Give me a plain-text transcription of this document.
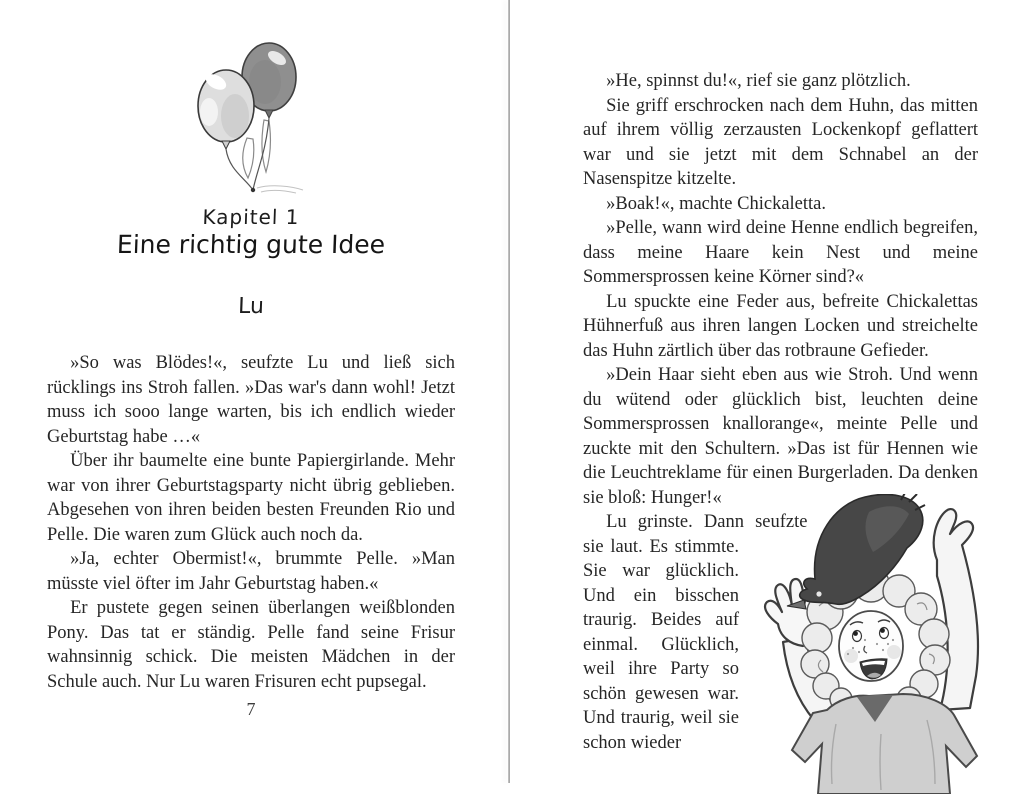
Kapitel 1
Eine richtig gute Idee
Lu

»So was Blödes!«, seufzte Lu und ließ sich rücklings ins Stroh fallen. »Das war's dann wohl! Jetzt muss ich sooo lange warten, bis ich endlich wieder Geburtstag habe …«

Über ihr baumelte eine bunte Papiergirlande. Mehr war von ihrer Geburtstagsparty nicht übrig geblieben. Abgesehen von ihren beiden besten Freunden Rio und Pelle. Die waren zum Glück auch noch da.

»Ja, echter Obermist!«, brummte Pelle. »Man müsste viel öfter im Jahr Geburtstag haben.«

Er pustete gegen seinen überlangen weißblonden Pony. Das tat er ständig. Pelle fand seine Frisur wahnsinnig schick. Die meisten Mädchen in der Schule auch. Nur Lu waren Frisuren echt pupsegal.

7

»He, spinnst du!«, rief sie ganz plötzlich.

Sie griff erschrocken nach dem Huhn, das mitten auf ihrem völlig zerzausten Lockenkopf geflattert war und sie jetzt mit dem Schnabel an der Nasenspitze kitzelte.

»Boak!«, machte Chickaletta.

»Pelle, wann wird deine Henne endlich begreifen, dass meine Haare kein Nest und meine Sommersprossen keine Körner sind?«

Lu spuckte eine Feder aus, befreite Chickalettas Hühnerfuß aus ihren langen Locken und streichelte das Huhn zärtlich über das rotbraune Gefieder.

»Dein Haar sieht eben aus wie Stroh. Und wenn du wütend oder glücklich bist, leuchten deine Sommersprossen knallorange«, meinte Pelle und zuckte mit den Schultern. »Das ist für Hennen wie die Leuchtreklame für einen Burgerladen. Da denken sie bloß: Hunger!«

Lu grinste. Dann seufzte sie laut. Es stimmte. Sie war glücklich. Und ein bisschen traurig. Beides auf einmal. Glücklich, weil ihre Party so schön gewesen war. Und traurig, weil sie schon wieder
